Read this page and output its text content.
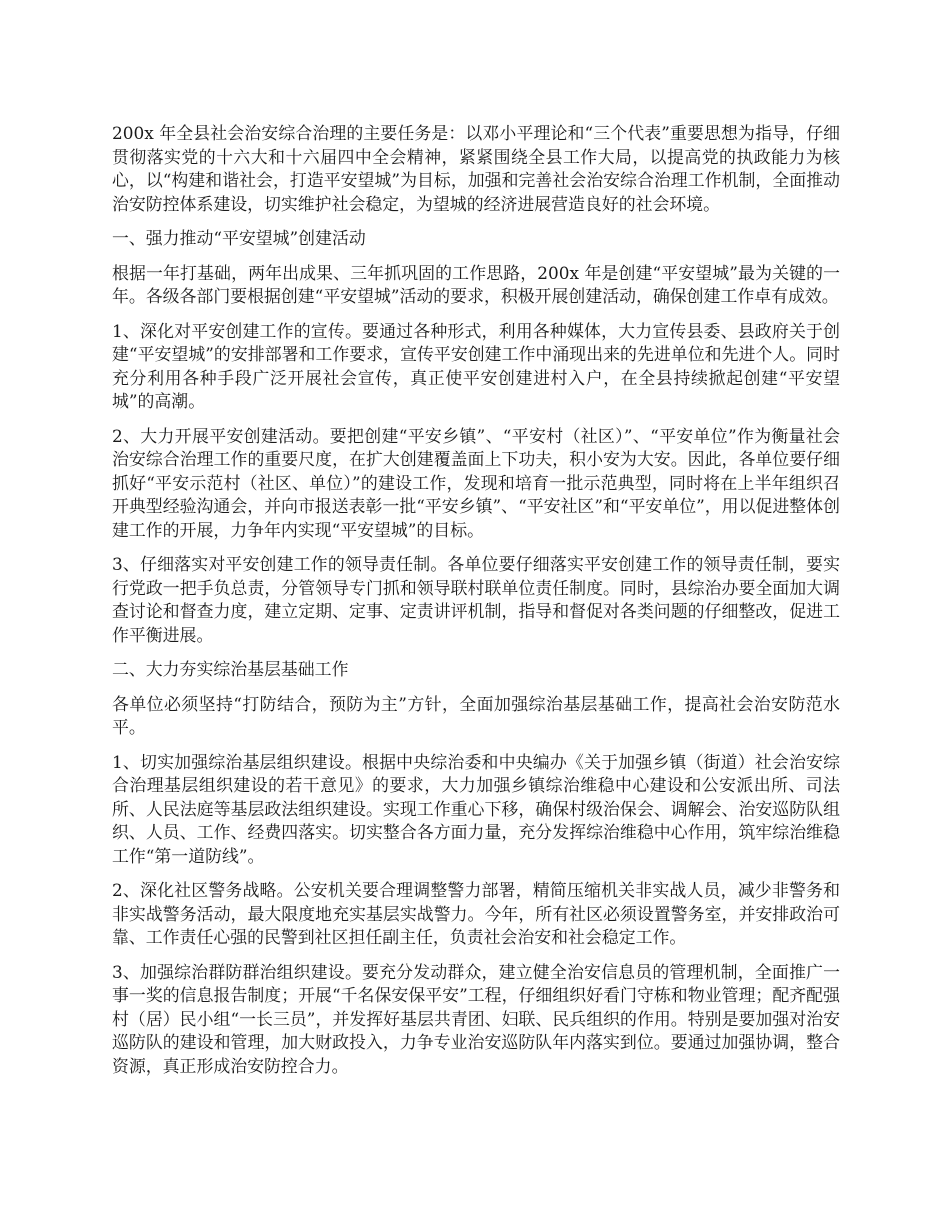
200x 年全县社会治安综合治理的主要任务是：以邓小平理论和“三个代表”重要思想为指导，仔细贯彻落实党的十六大和十六届四中全会精神，紧紧围绕全县工作大局，以提高党的执政能力为核心，以“构建和谐社会，打造平安望城”为目标，加强和完善社会治安综合治理工作机制，全面推动治安防控体系建设，切实维护社会稳定，为望城的经济进展营造良好的社会环境。

一、强力推动“平安望城”创建活动

根据一年打基础，两年出成果、三年抓巩固的工作思路，200x 年是创建“平安望城”最为关键的一年。各级各部门要根据创建“平安望城”活动的要求，积极开展创建活动，确保创建工作卓有成效。

1、深化对平安创建工作的宣传。要通过各种形式，利用各种媒体，大力宣传县委、县政府关于创建“平安望城”的安排部署和工作要求，宣传平安创建工作中涌现出来的先进单位和先进个人。同时充分利用各种手段广泛开展社会宣传，真正使平安创建进村入户，在全县持续掀起创建“平安望城”的高潮。

2、大力开展平安创建活动。要把创建“平安乡镇”、“平安村（社区）”、“平安单位”作为衡量社会治安综合治理工作的重要尺度，在扩大创建覆盖面上下功夫，积小安为大安。因此，各单位要仔细抓好“平安示范村（社区、单位）”的建设工作，发现和培育一批示范典型，同时将在上半年组织召开典型经验沟通会，并向市报送表彰一批“平安乡镇”、“平安社区”和“平安单位”，用以促进整体创建工作的开展，力争年内实现“平安望城”的目标。

3、仔细落实对平安创建工作的领导责任制。各单位要仔细落实平安创建工作的领导责任制，要实行党政一把手负总责，分管领导专门抓和领导联村联单位责任制度。同时，县综治办要全面加大调查讨论和督查力度，建立定期、定事、定责讲评机制，指导和督促对各类问题的仔细整改，促进工作平衡进展。

二、大力夯实综治基层基础工作

各单位必须坚持“打防结合，预防为主”方针，全面加强综治基层基础工作，提高社会治安防范水平。

1、切实加强综治基层组织建设。根据中央综治委和中央编办《关于加强乡镇（街道）社会治安综合治理基层组织建设的若干意见》的要求，大力加强乡镇综治维稳中心建设和公安派出所、司法所、人民法庭等基层政法组织建设。实现工作重心下移，确保村级治保会、调解会、治安巡防队组织、人员、工作、经费四落实。切实整合各方面力量，充分发挥综治维稳中心作用，筑牢综治维稳工作“第一道防线”。

2、深化社区警务战略。公安机关要合理调整警力部署，精简压缩机关非实战人员，减少非警务和非实战警务活动，最大限度地充实基层实战警力。今年，所有社区必须设置警务室，并安排政治可靠、工作责任心强的民警到社区担任副主任，负责社会治安和社会稳定工作。

3、加强综治群防群治组织建设。要充分发动群众，建立健全治安信息员的管理机制，全面推广一事一奖的信息报告制度；开展“千名保安保平安”工程，仔细组织好看门守栋和物业管理；配齐配强村（居）民小组“一长三员”，并发挥好基层共青团、妇联、民兵组织的作用。特别是要加强对治安巡防队的建设和管理，加大财政投入，力争专业治安巡防队年内落实到位。要通过加强协调，整合资源，真正形成治安防控合力。
